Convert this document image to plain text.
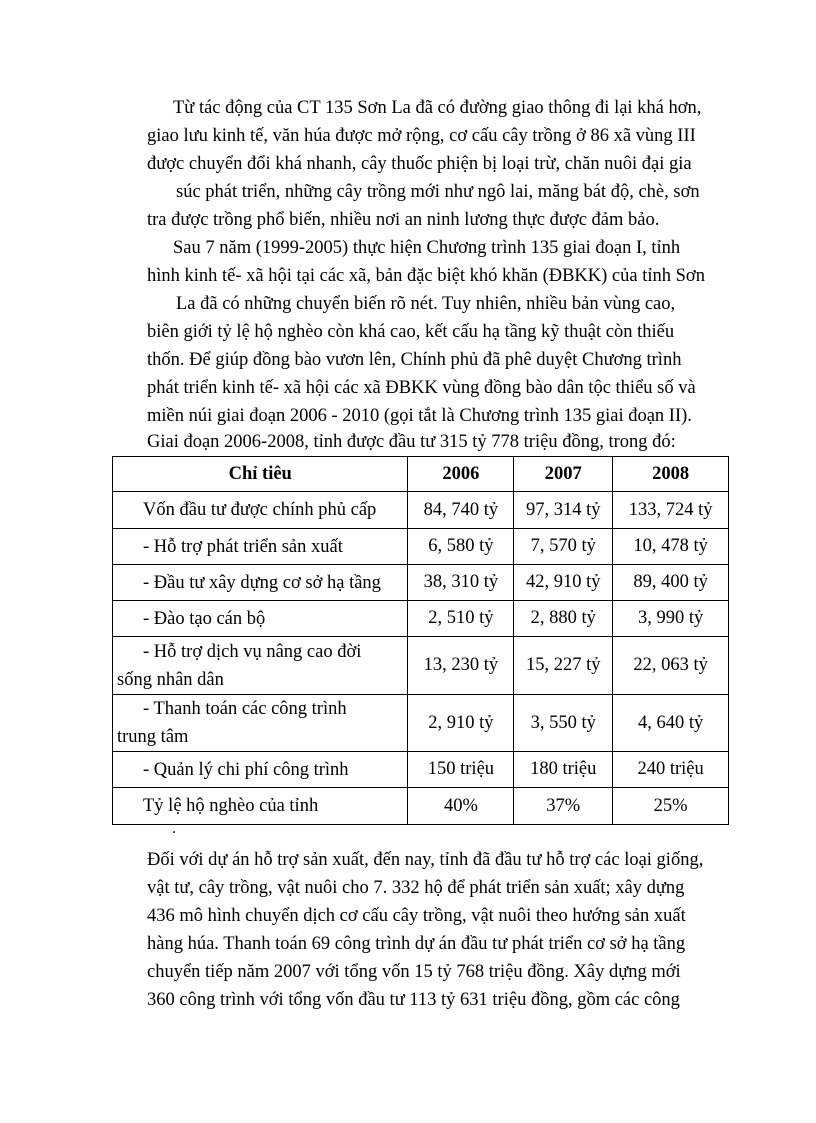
Từ tác động của CT 135 Sơn La đã có đường giao thông đi lại khá hơn,
giao lưu kinh tế, văn húa được mở rộng, cơ cấu cây trồng ở 86 xã vùng III
được chuyển đổi khá nhanh, cây thuốc phiện bị loại trừ, chăn nuôi đại gia
súc phát triển, những cây trồng mới như ngô lai, măng bát độ, chè, sơn
tra được trồng phổ biến, nhiều nơi an ninh lương thực được đảm bảo.
Sau 7 năm (1999-2005) thực hiện Chương trình 135 giai đoạn I, tỉnh
hình kinh tế- xã hội tại các xã, bản đặc biệt khó khăn (ĐBKK) của tỉnh Sơn
La đã có những chuyển biến rõ nét. Tuy nhiên, nhiều bản vùng cao,
biên giới tỷ lệ hộ nghèo còn khá cao, kết cấu hạ tầng kỹ thuật còn thiếu
thốn. Để giúp đồng bào vươn lên, Chính phủ đã phê duyệt Chương trình
phát triển kinh tế- xã hội các xã ĐBKK vùng đồng bào dân tộc thiểu số và
miền núi giai đoạn 2006 - 2010 (gọi tắt là Chương trình 135 giai đoạn II).
Giai đoạn 2006-2008, tỉnh được đầu tư 315 tỷ 778 triệu đồng, trong đó:
Chỉ tiêu	2006	2007	2008
Vốn đầu tư được chính phủ cấp	84, 740 tỷ	97, 314 tỷ	133, 724 tỷ
- Hỗ trợ phát triển sản xuất	6, 580 tỷ	7, 570 tỷ	10, 478 tỷ
- Đầu tư xây dựng cơ sở hạ tầng	38, 310 tỷ	42, 910 tỷ	89, 400 tỷ
- Đào tạo cán bộ	2, 510 tỷ	2, 880 tỷ	3, 990 tỷ

- Hỗ trợ dịch vụ nâng cao đời
sống nhân dân	13, 230 tỷ	15, 227 tỷ	22, 063 tỷ

- Thanh toán các công trình
trung tâm	2, 910 tỷ	3, 550 tỷ	4, 640 tỷ
- Quản lý chi phí công trình	150 triệu	180 triệu	240 triệu
Tỷ lệ hộ nghèo của tỉnh	40%	37%	25%
.
Đối với dự án hỗ trợ sản xuất, đến nay, tỉnh đã đầu tư hỗ trợ các loại giống,
vật tư, cây trồng, vật nuôi cho 7. 332 hộ để phát triển sản xuất; xây dựng
436 mô hình chuyển dịch cơ cấu cây trồng, vật nuôi theo hướng sản xuất
hàng húa. Thanh toán 69 công trình dự án đầu tư phát triển cơ sở hạ tầng
chuyển tiếp năm 2007 với tổng vốn 15 tỷ 768 triệu đồng. Xây dựng mới
360 công trình với tổng vốn đầu tư 113 tỷ 631 triệu đồng, gồm các công
